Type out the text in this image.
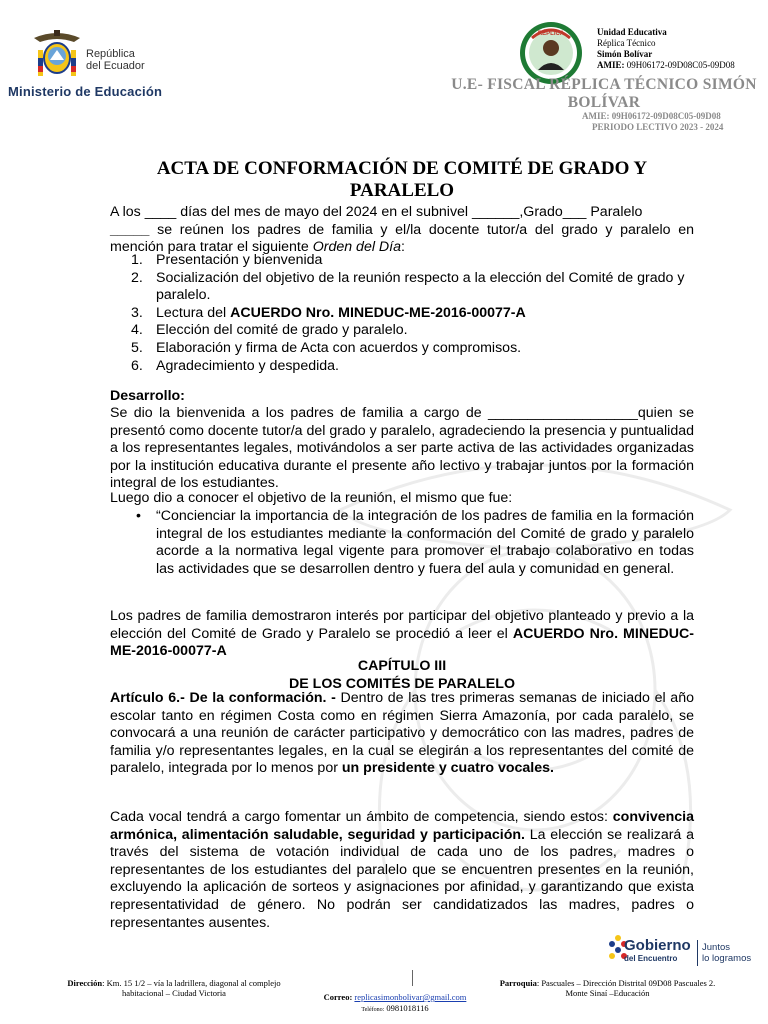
República
del Ecuador
Ministerio de Educación
RÉPLICA	Unidad Educativa
Réplica Técnico
Simón Bolívar
AMIE: 09H06172-09D08C05-09D08
U.E- FISCAL RÉPLICA TÉCNICO SIMÓN BOLÍVAR
AMIE: 09H06172-09D08C05-09D08
PERIODO LECTIVO 2023 - 2024
ACTA DE CONFORMACIÓN DE COMITÉ DE GRADO Y PARALELO
A los ____ días del mes de mayo del 2024 en el subnivel ______,Grado___ Paralelo
_____ se reúnen los padres de familia y el/la docente tutor/a del grado y paralelo en mención para tratar el siguiente Orden del Día:
1. Presentación y bienvenida
2. Socialización del objetivo de la reunión respecto a la elección del Comité de grado y paralelo.
3. Lectura del ACUERDO Nro. MINEDUC-ME-2016-00077-A
4. Elección del comité de grado y paralelo.
5. Elaboración y firma de Acta con acuerdos y compromisos.
6. Agradecimiento y despedida.
Desarrollo:
Se dio la bienvenida a los padres de familia a cargo de ___________________quien se presentó como docente tutor/a del grado y paralelo, agradeciendo la presencia y puntualidad a los representantes legales, motivándolos a ser parte activa de las actividades organizadas por la institución educativa durante el presente año lectivo y trabajar juntos por la formación integral de los estudiantes.
Luego dio a conocer el objetivo de la reunión, el mismo que fue:
• “Concienciar la importancia de la integración de los padres de familia en la formación integral de los estudiantes mediante la conformación del Comité de grado y paralelo acorde a la normativa legal vigente para promover el trabajo colaborativo en todas las actividades que se desarrollen dentro y fuera del aula y comunidad en general.
Los padres de familia demostraron interés por participar del objetivo planteado y previo a la elección del Comité de Grado y Paralelo se procedió a leer el ACUERDO Nro. MINEDUC-ME-2016-00077-A
CAPÍTULO III
DE LOS COMITÉS DE PARALELO
Artículo 6.- De la conformación. - Dentro de las tres primeras semanas de iniciado el año escolar tanto en régimen Costa como en régimen Sierra Amazonía, por cada paralelo, se convocará a una reunión de carácter participativo y democrático con las madres, padres de familia y/o representantes legales, en la cual se elegirán a los representantes del comité de paralelo, integrada por lo menos por un presidente y cuatro vocales.
Cada vocal tendrá a cargo fomentar un ámbito de competencia, siendo estos: convivencia armónica, alimentación saludable, seguridad y participación. La elección se realizará a través del sistema de votación individual de cada uno de los padres, madres o representantes de los estudiantes del paralelo que se encuentren presentes en la reunión, excluyendo la aplicación de sorteos y asignaciones por afinidad, y garantizando que exista representatividad de género. No podrán ser candidatizados las madres, padres o representantes ausentes.
Gobierno
del Encuentro
Juntos
lo logramos
Dirección: Km. 15 1/2 – vía la ladrillera, diagonal al complejo
habitacional – Ciudad Victoria	Correo: replicasimonbolivar@gmail.com
Teléfono: 0981018116
Parroquia: Pascuales – Dirección Distrital 09D08 Pascuales 2.
Monte Sinaí –Educación
